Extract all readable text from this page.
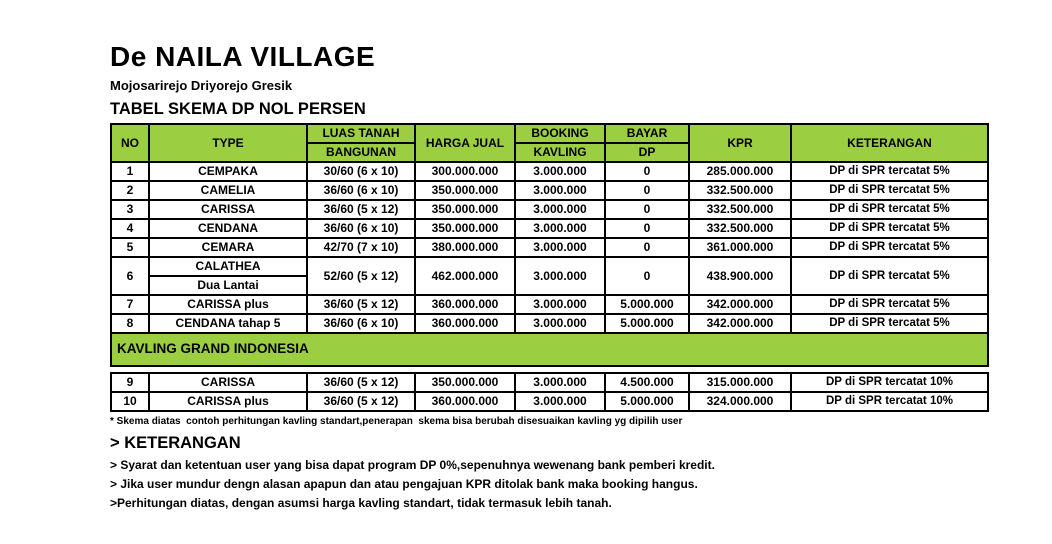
De NAILA VILLAGE
Mojosarirejo Driyorejo Gresik
TABEL SKEMA DP NOL PERSEN
NO	TYPE	LUAS TANAH	HARGA JUAL	BOOKING	BAYAR	KPR	KETERANGAN
		BANGUNAN		KAVLING	DP		
1	CEMPAKA	30/60 (6 x 10)	300.000.000	3.000.000	0	285.000.000	DP di SPR tercatat 5%
2	CAMELIA	36/60 (6 x 10)	350.000.000	3.000.000	0	332.500.000	DP di SPR tercatat 5%
3	CARISSA	36/60 (5 x 12)	350.000.000	3.000.000	0	332.500.000	DP di SPR tercatat 5%
4	CENDANA	36/60 (6 x 10)	350.000.000	3.000.000	0	332.500.000	DP di SPR tercatat 5%
5	CEMARA	42/70 (7 x 10)	380.000.000	3.000.000	0	361.000.000	DP di SPR tercatat 5%
6	CALATHEA	52/60 (5 x 12)	462.000.000	3.000.000	0	438.900.000	DP di SPR tercatat 5%
	Dua Lantai						
7	CARISSA plus	36/60 (5 x 12)	360.000.000	3.000.000	5.000.000	342.000.000	DP di SPR tercatat 5%
8	CENDANA tahap 5	36/60 (6 x 10)	360.000.000	3.000.000	5.000.000	342.000.000	DP di SPR tercatat 5%
KAVLING GRAND INDONESIA							

9	CARISSA	36/60 (5 x 12)	350.000.000	3.000.000	4.500.000	315.000.000	DP di SPR tercatat 10%
10	CARISSA plus	36/60 (5 x 12)	360.000.000	3.000.000	5.000.000	324.000.000	DP di SPR tercatat 10%
* Skema diatas  contoh perhitungan kavling standart,penerapan  skema bisa berubah disesuaikan kavling yg dipilih user
> KETERANGAN
> Syarat dan ketentuan user yang bisa dapat program DP 0%,sepenuhnya wewenang bank pemberi kredit.
> Jika user mundur dengn alasan apapun dan atau pengajuan KPR ditolak bank maka booking hangus.
>Perhitungan diatas, dengan asumsi harga kavling standart, tidak termasuk lebih tanah.
